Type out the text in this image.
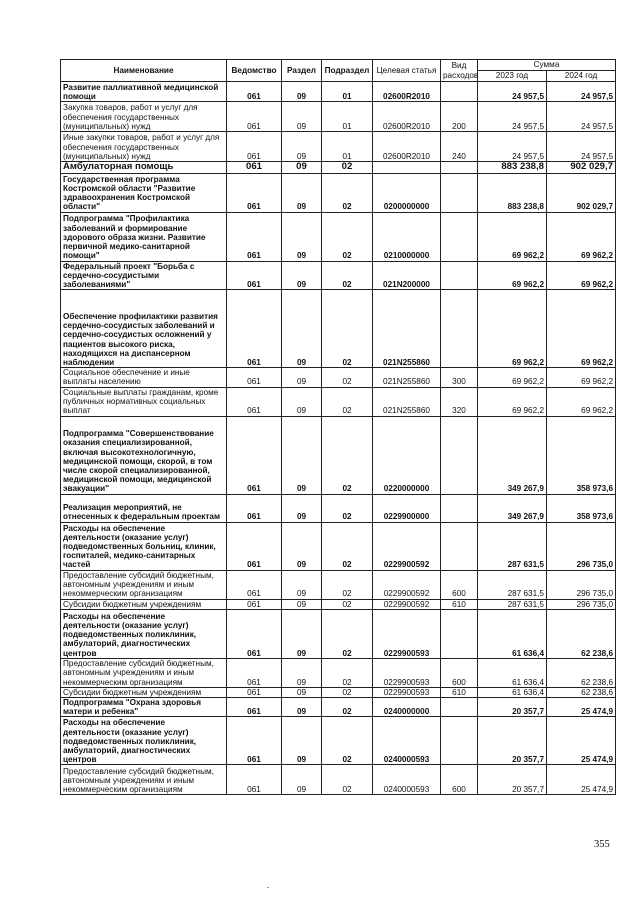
Наименование	Ведомство	Раздел	Подраздел	Целевая статья	Вид расходов	Сумма	
						2023 год	2024 год
Развитие паллиативной медицинской помощи	061	09	01	02600R2010		24 957,5	24 957,5
Закупка товаров, работ и услуг для обеспечения государственных (муниципальных) нужд	061	09	01	02600R2010	200	24 957,5	24 957,5
Иные закупки товаров, работ и услуг для обеспечения государственных (муниципальных) нужд	061	09	01	02600R2010	240	24 957,5	24 957,5
Амбулаторная помощь	061	09	02			883 238,8	902 029,7
Государственная программа Костромской области "Развитие здравоохранения Костромской области"	061	09	02	0200000000		883 238,8	902 029,7
Подпрограмма "Профилактика заболеваний и формирование здорового образа жизни. Развитие первичной медико-санитарной помощи"	061	09	02	0210000000		69 962,2	69 962,2
Федеральный проект "Борьба с сердечно-сосудистыми заболеваниями"	061	09	02	021N200000		69 962,2	69 962,2
Обеспечение профилактики развития сердечно-сосудистых заболеваний и сердечно-сосудистых осложнений у пациентов высокого риска, находящихся на диспансерном наблюдении	061	09	02	021N255860		69 962,2	69 962,2
Социальное обеспечение и иные выплаты населению	061	09	02	021N255860	300	69 962,2	69 962,2
Социальные выплаты гражданам, кроме публичных нормативных социальных выплат	061	09	02	021N255860	320	69 962,2	69 962,2
Подпрограмма "Совершенствование оказания специализированной, включая высокотехнологичную, медицинской помощи, скорой, в том числе скорой специализированной, медицинской помощи, медицинской эвакуации"	061	09	02	0220000000		349 267,9	358 973,6
Реализация мероприятий, не отнесенных к федеральным проектам	061	09	02	0229900000		349 267,9	358 973,6
Расходы на обеспечение деятельности (оказание услуг) подведомственных больниц, клиник, госпиталей, медико-санитарных частей	061	09	02	0229900592		287 631,5	296 735,0
Предоставление субсидий бюджетным, автономным учреждениям и иным некоммерческим организациям	061	09	02	0229900592	600	287 631,5	296 735,0
Субсидии бюджетным учреждениям	061	09	02	0229900592	610	287 631,5	296 735,0
Расходы на обеспечение деятельности (оказание услуг) подведомственных поликлиник, амбулаторий, диагностических центров	061	09	02	0229900593		61 636,4	62 238,6
Предоставление субсидий бюджетным, автономным учреждениям и иным некоммерческим организациям	061	09	02	0229900593	600	61 636,4	62 238,6
Субсидии бюджетным учреждениям	061	09	02	0229900593	610	61 636,4	62 238,6
Подпрограмма "Охрана здоровья матери и ребенка"	061	09	02	0240000000		20 357,7	25 474,9
Расходы на обеспечение деятельности (оказание услуг) подведомственных поликлиник, амбулаторий, диагностических центров	061	09	02	0240000593		20 357,7	25 474,9
Предоставление субсидий бюджетным, автономным учреждениям и иным некоммерческим организациям	061	09	02	0240000593	600	20 357,7	25 474,9
355
